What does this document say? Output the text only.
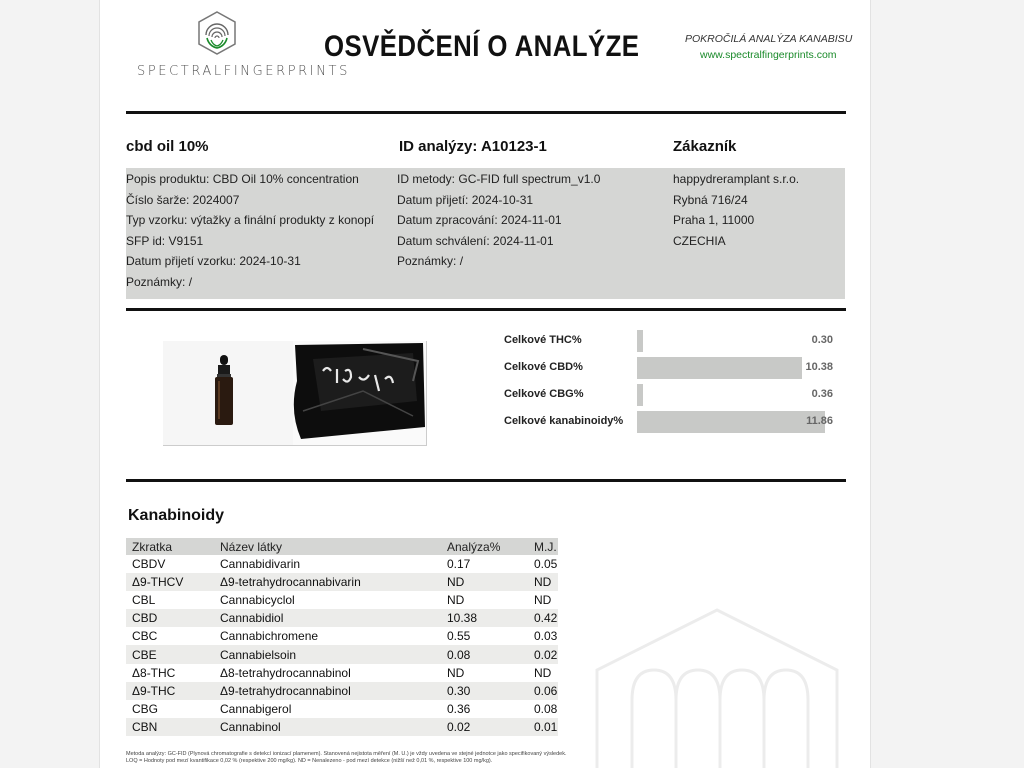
SPECTRALFINGERPRINTS
OSVĚDČENÍ O ANALÝZE	POKROČILÁ ANALÝZA KANABISU
www.spectralfingerprints.com
cbd oil 10%	ID analýzy: A10123-1	Zákazník
Popis produktu: CBD Oil 10% concentration
Číslo šarže: 2024007
Typ vzorku: výtažky a finální produkty z konopí
SFP id: V9151
Datum přijetí vzorku: 2024-10-31
Poznámky: /
ID metody: GC-FID full spectrum_v1.0
Datum přijetí: 2024-10-31
Datum zpracování: 2024-11-01
Datum schválení: 2024-11-01
Poznámky: /
happydreramplant s.r.o.
Rybná 716/24
Praha 1, 11000
CZECHIA
Celkové THC%	0.30
Celkové CBD%	10.38
Celkové CBG%	0.36
Celkové kanabinoidy%	11.86
Kanabinoidy
Zkratka	Název látky	Analýza%	M.J.
CBDV	Cannabidivarin	0.17	0.05
Δ9-THCV	Δ9-tetrahydrocannabivarin	ND	ND
CBL	Cannabicyclol	ND	ND
CBD	Cannabidiol	10.38	0.42
CBC	Cannabichromene	0.55	0.03
CBE	Cannabielsoin	0.08	0.02
Δ8-THC	Δ8-tetrahydrocannabinol	ND	ND
Δ9-THC	Δ9-tetrahydrocannabinol	0.30	0.06
CBG	Cannabigerol	0.36	0.08
CBN	Cannabinol	0.02	0.01
Metoda analýzy: GC-FID (Plynová chromatografie s detekcí ionizací plamenem). Stanovená nejistota měření (M. U.) je vždy uvedena ve stejné jednotce jako specifikovaný výsledek.
LOQ = Hodnoty pod mezí kvantifikace 0,02 % (respektive 200 mg/kg). ND = Nenalezeno - pod mezí detekce (nižší než 0,01 %, respektive 100 mg/kg).
